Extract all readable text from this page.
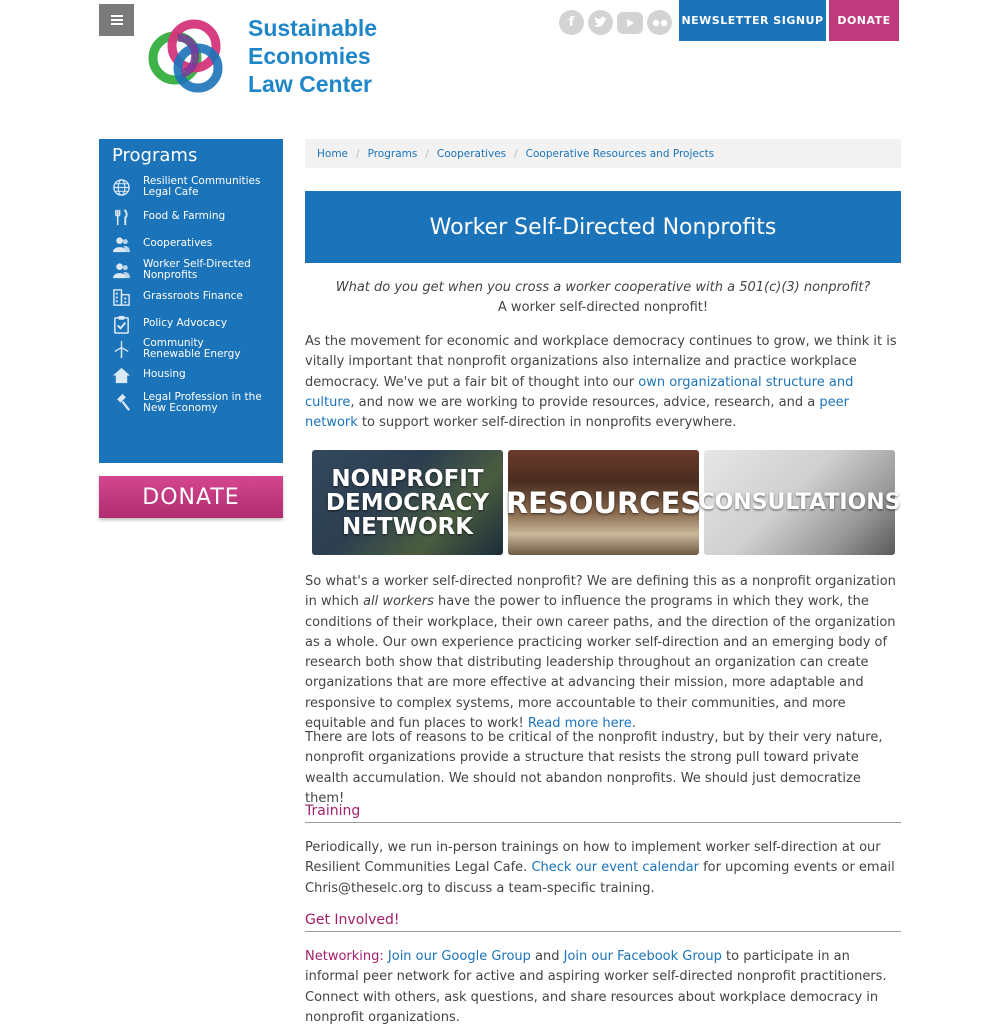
Sustainable
Economies
Law Center
f	NEWSLETTER SIGNUP	DONATE
Programs
Resilient Communities
Legal Cafe
Food & Farming
Cooperatives
Worker Self-Directed
Nonprofits
Grassroots Finance
Policy Advocacy
Community
Renewable Energy
Housing
Legal Profession in the
New Economy
DONATE
Home / Programs / Cooperatives / Cooperative Resources and Projects
Worker Self-Directed Nonprofits
What do you get when you cross a worker cooperative with a 501(c)(3) nonprofit?
A worker self-directed nonprofit!
As the movement for economic and workplace democracy continues to grow, we think it is vitally important that nonprofit organizations also internalize and practice workplace democracy. We've put a fair bit of thought into our own organizational structure and culture, and now we are working to provide resources, advice, research, and a peer network to support worker self-direction in nonprofits everywhere.
NONPROFIT
DEMOCRACY
NETWORK
RESOURCES
CONSULTATIONS
So what's a worker self-directed nonprofit? We are defining this as a nonprofit organization in which all workers have the power to influence the programs in which they work, the conditions of their workplace, their own career paths, and the direction of the organization as a whole. Our own experience practicing worker self-direction and an emerging body of research both show that distributing leadership throughout an organization can create organizations that are more effective at advancing their mission, more adaptable and responsive to complex systems, more accountable to their communities, and more equitable and fun places to work! Read more here.
There are lots of reasons to be critical of the nonprofit industry, but by their very nature, nonprofit organizations provide a structure that resists the strong pull toward private wealth accumulation. We should not abandon nonprofits. We should just democratize them!
Training
Periodically, we run in-person trainings on how to implement worker self-direction at our Resilient Communities Legal Cafe. Check our event calendar for upcoming events or email Chris@theselc.org to discuss a team-specific training.
Get Involved!
Networking: Join our Google Group and Join our Facebook Group to participate in an informal peer network for active and aspiring worker self-directed nonprofit practitioners. Connect with others, ask questions, and share resources about workplace democracy in nonprofit organizations.
